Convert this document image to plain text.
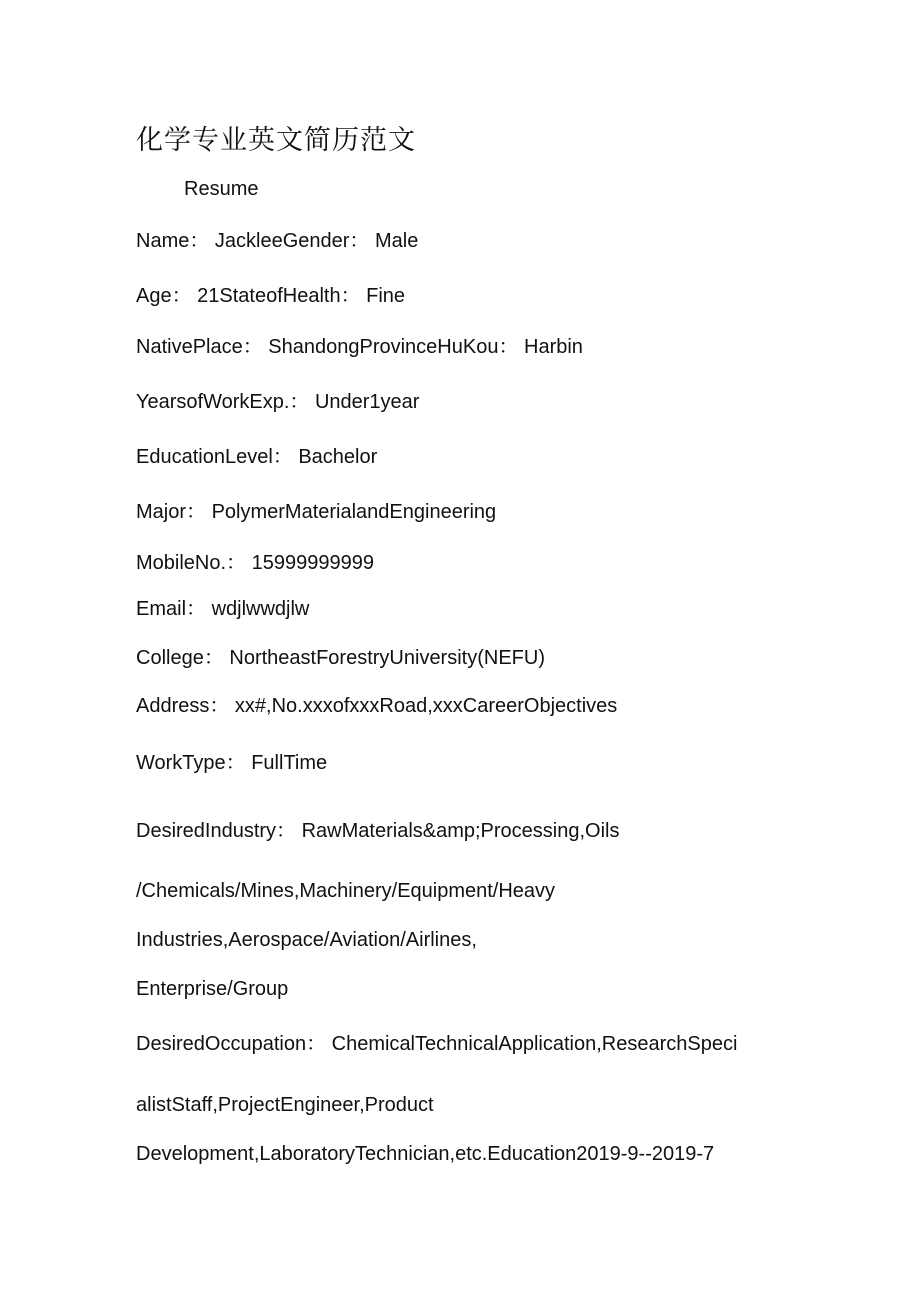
化学专业英文简历范文
Resume
Name： JackleeGender： Male
Age： 21StateofHealth： Fine
NativePlace： ShandongProvinceHuKou： Harbin
YearsofWorkExp.： Under1year
EducationLevel： Bachelor
Major： PolymerMaterialandEngineering
MobileNo.： 15999999999
Email： wdjlwwdjlw
College： NortheastForestryUniversity(NEFU)
Address： xx#,No.xxxofxxxRoad,xxxCareerObjectives
WorkType： FullTime
DesiredIndustry： RawMaterials&amp;Processing,Oils
/Chemicals/Mines,Machinery/Equipment/Heavy
Industries,Aerospace/Aviation/Airlines,
Enterprise/Group
DesiredOccupation： ChemicalTechnicalApplication,ResearchSpeci
alistStaff,ProjectEngineer,Product
Development,LaboratoryTechnician,etc.Education2019-9--2019-7
